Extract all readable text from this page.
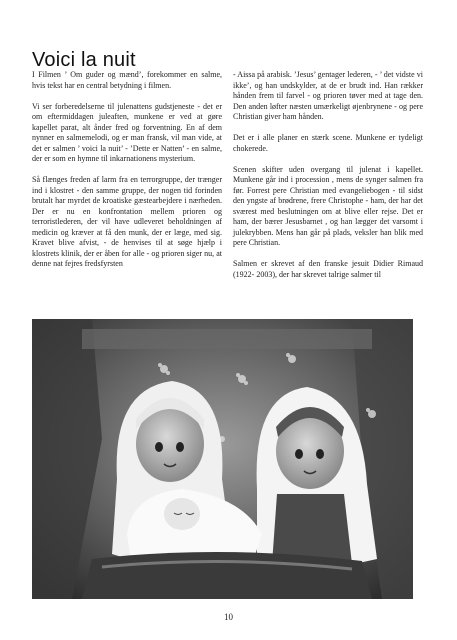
Voici la nuit

I Filmen ’ Om guder og mænd’, forekommer en salme, hvis tekst har en central betydning i filmen.

Vi ser forberedelserne til julenattens gudstjeneste - det er om eftermiddagen juleaften, munkene er ved at gøre kapellet parat, alt ånder fred og forventning. En af dem nynner en salmemelodi, og er man fransk, vil man vide, at det er salmen ’ voici la nuit’ - ’Dette er Natten’ - en salme, der er som en hymne til inkarnationens mysterium.

Så flænges freden af larm fra en terrorgruppe, der trænger ind i klostret - den samme gruppe, der nogen tid forinden brutalt har myrdet de kroatiske gæstearbejdere i nærheden. Der er nu en konfrontation mellem prioren og terroristlederen, der vil have udleveret beholdningen af medicin og kræver at få den munk, der er læge, med sig. Kravet blive afvist, - de henvises til at søge hjælp i klostrets klinik, der er åben for alle - og prioren siger nu, at denne nat fejres fredsfyrsten

- Aissa på arabisk. ’Jesus’ gentager lederen, - ’ det vidste vi ikke’, og han undskylder, at de er brudt ind. Han rækker hånden frem til farvel - og prioren tøver med at tage den. Den anden løfter næsten umærkeligt øjenbrynene - og pere Christian giver ham hånden.

Det er i alle planer en stærk scene. Munkene er tydeligt chokerede.

Scenen skifter uden overgang til julenat i kapellet. Munkene går ind i procession , mens de synger salmen fra før. Forrest pere Christian med evangeliebogen - til sidst den yngste af brødrene, frere Christophe - ham, der har det sværest med beslutningen om at blive eller rejse. Det er ham, der bærer Jesusbarnet , og han lægger det varsomt i julekrybben. Mens han går på plads, veksler han blik med pere Christian.

Salmen er skrevet af den franske jesuit Didier Rimaud (1922- 2003), der har skrevet talrige salmer til

10
